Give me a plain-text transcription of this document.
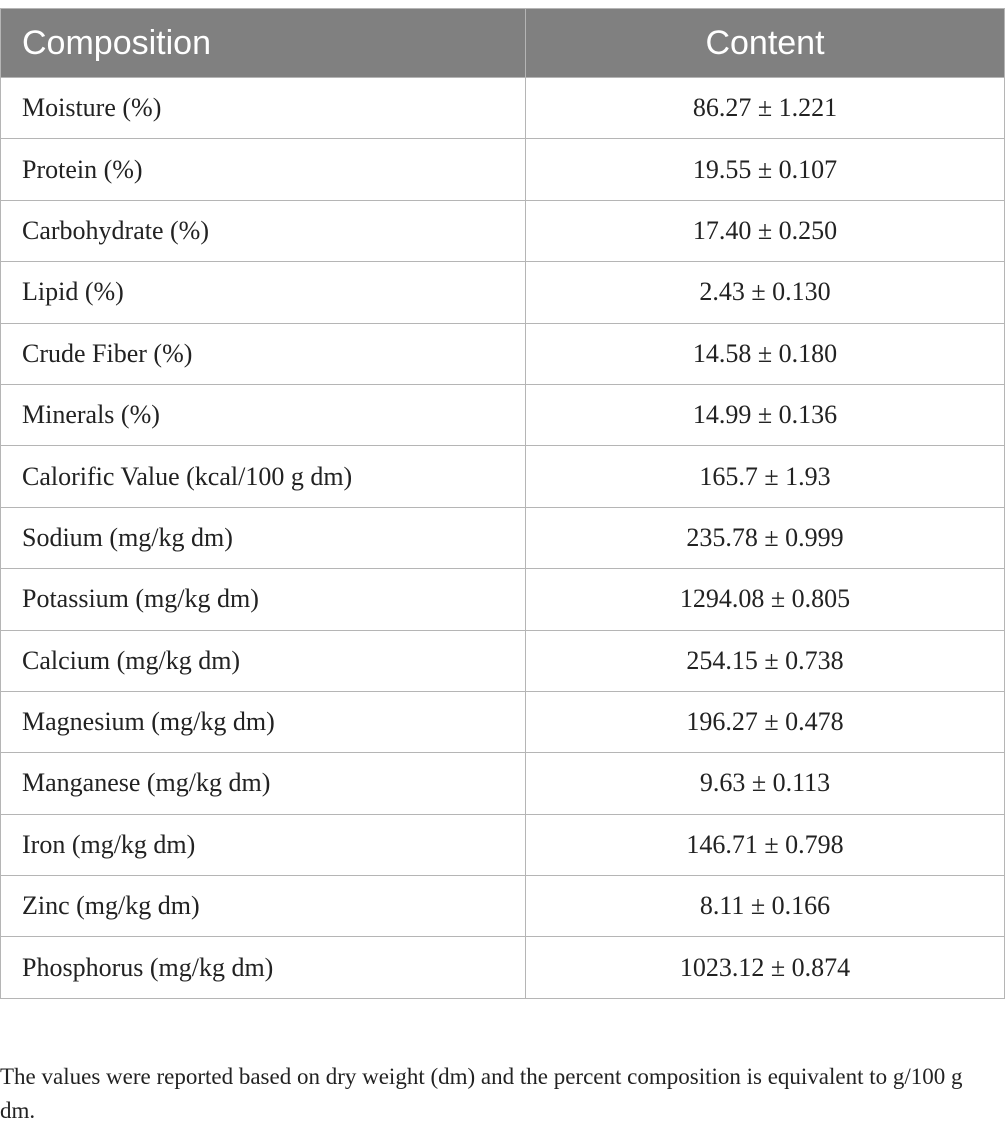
Composition	Content
Moisture (%)	86.27 ± 1.221
Protein (%)	19.55 ± 0.107
Carbohydrate (%)	17.40 ± 0.250
Lipid (%)	2.43 ± 0.130
Crude Fiber (%)	14.58 ± 0.180
Minerals (%)	14.99 ± 0.136
Calorific Value (kcal/100 g dm)	165.7 ± 1.93
Sodium (mg/kg dm)	235.78 ± 0.999
Potassium (mg/kg dm)	1294.08 ± 0.805
Calcium (mg/kg dm)	254.15 ± 0.738
Magnesium (mg/kg dm)	196.27 ± 0.478
Manganese (mg/kg dm)	9.63 ± 0.113
Iron (mg/kg dm)	146.71 ± 0.798
Zinc (mg/kg dm)	8.11 ± 0.166
Phosphorus (mg/kg dm)	1023.12 ± 0.874

The values were reported based on dry weight (dm) and the percent composition is equivalent to g/100 g dm.
